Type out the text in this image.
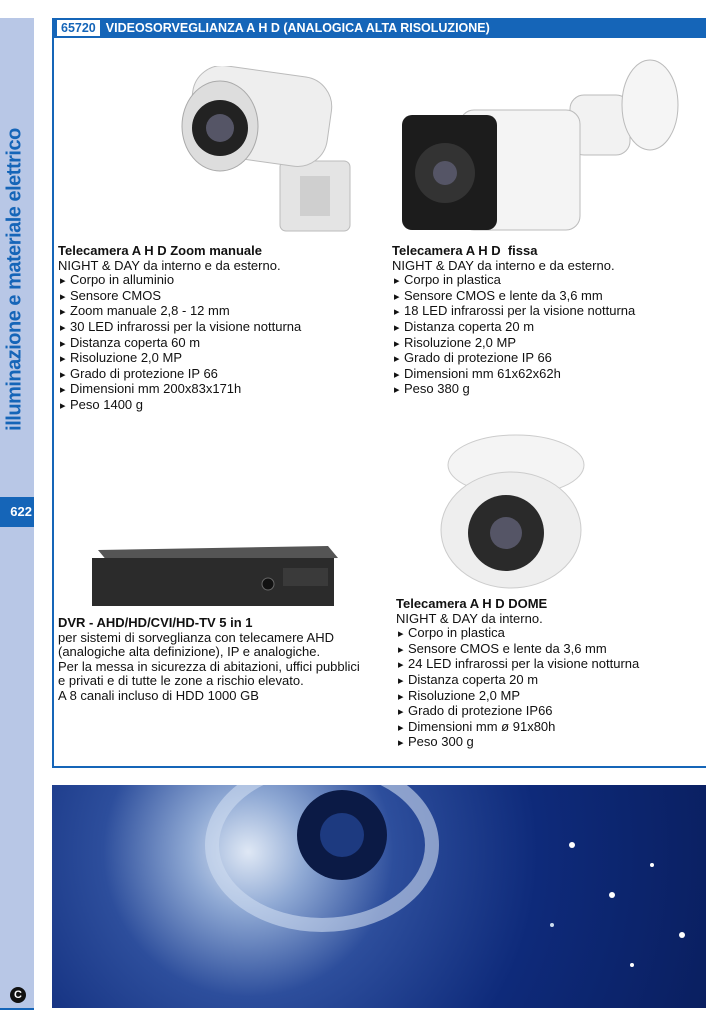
illuminazione e materiale elettrico
622
C
65720 VIDEOSORVEGLIANZA A H D (ANALOGICA ALTA RISOLUZIONE)
Telecamera A H D Zoom manuale
NIGHT & DAY da interno e da esterno.
▸ Corpo in alluminio
▸ Sensore CMOS
▸ Zoom manuale 2,8 - 12 mm
▸ 30 LED infrarossi per la visione notturna
▸ Distanza coperta 60 m
▸ Risoluzione 2,0 MP
▸ Grado di protezione IP 66
▸ Dimensioni mm 200x83x171h
▸ Peso 1400 g
Telecamera A H D  fissa
NIGHT & DAY da interno e da esterno.
▸ Corpo in plastica
▸ Sensore CMOS e lente da 3,6 mm
▸ 18 LED infrarossi per la visione notturna
▸ Distanza coperta 20 m
▸ Risoluzione 2,0 MP
▸ Grado di protezione IP 66
▸ Dimensioni mm 61x62x62h
▸ Peso 380 g
Telecamera A H D DOME
NIGHT & DAY da interno.
▸ Corpo in plastica
▸ Sensore CMOS e lente da 3,6 mm
▸ 24 LED infrarossi per la visione notturna
▸ Distanza coperta 20 m
▸ Risoluzione 2,0 MP
▸ Grado di protezione IP66
▸ Dimensioni mm ø 91x80h
▸ Peso 300 g
DVR - AHD/HD/CVI/HD-TV 5 in 1
per sistemi di sorveglianza con telecamere AHD
(analogiche alta definizione), IP e analogiche.
Per la messa in sicurezza di abitazioni, uffici pubblici
e privati e di tutte le zone a rischio elevato.
A 8 canali incluso di HDD 1000 GB
